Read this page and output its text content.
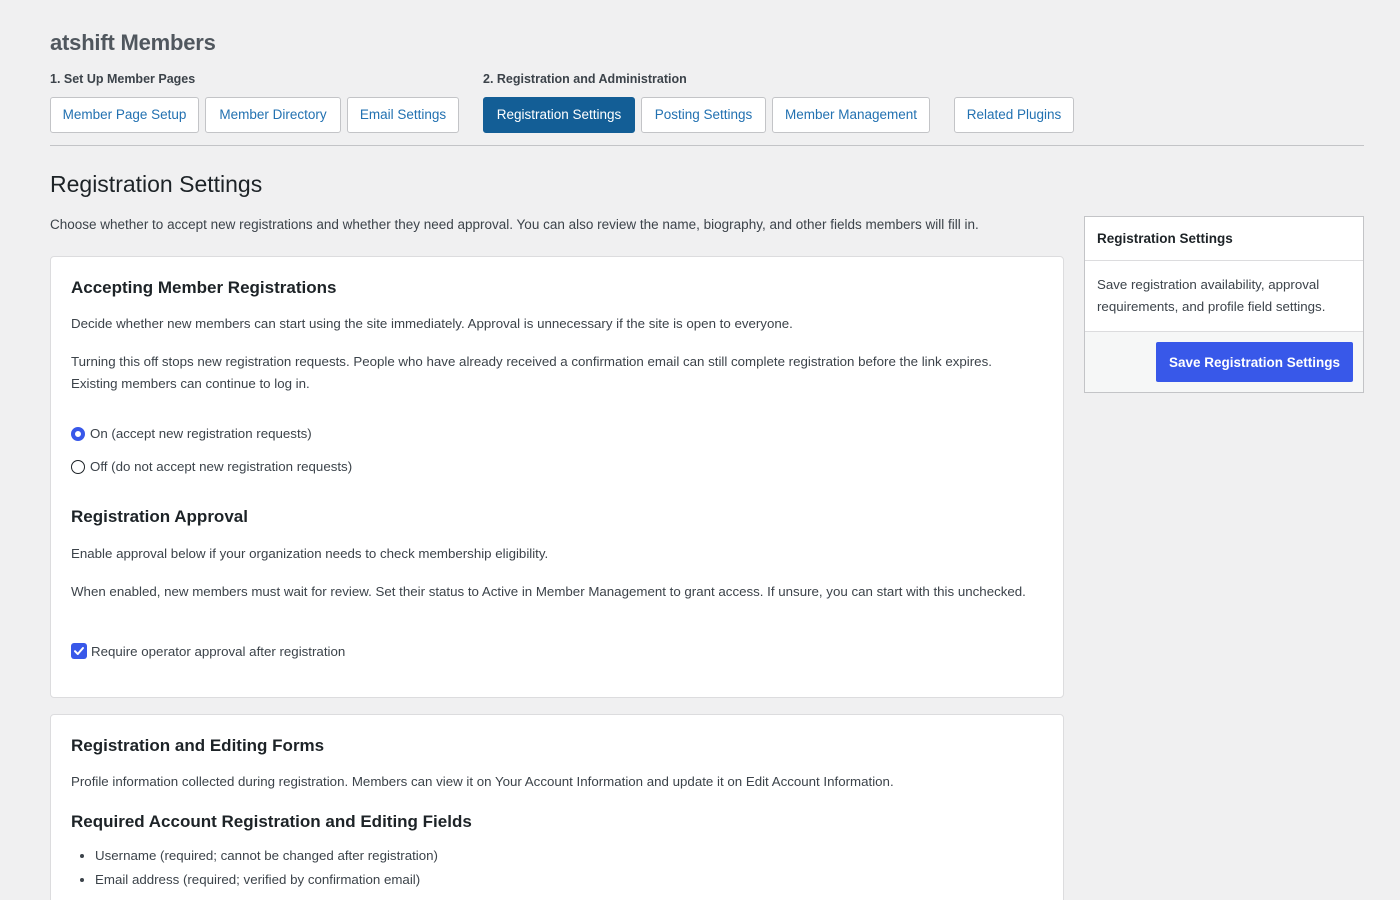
atshift Members
1. Set Up Member Pages	2. Registration and Administration
Member Page Setup	Member Directory	Email Settings	Registration Settings	Posting Settings	Member Management	Related Plugins
Registration Settings

Choose whether to accept new registrations and whether they need approval. You can also review the name, biography, and other fields members will fill in.

Accepting Member Registrations

Decide whether new members can start using the site immediately. Approval is unnecessary if the site is open to everyone.

Turning this off stops new registration requests. People who have already received a confirmation email can still complete registration before the link expires. Existing members can continue to log in.

On (accept new registration requests)
Off (do not accept new registration requests)
Registration Approval

Enable approval below if your organization needs to check membership eligibility.

When enabled, new members must wait for review. Set their status to Active in Member Management to grant access. If unsure, you can start with this unchecked.

Require operator approval after registration
Registration and Editing Forms

Profile information collected during registration. Members can view it on Your Account Information and update it on Edit Account Information.

Required Account Registration and Editing Fields
• Username (required; cannot be changed after registration)
• Email address (required; verified by confirmation email)
Registration Settings
Save registration availability, approval requirements, and profile field settings.
Save Registration Settings
